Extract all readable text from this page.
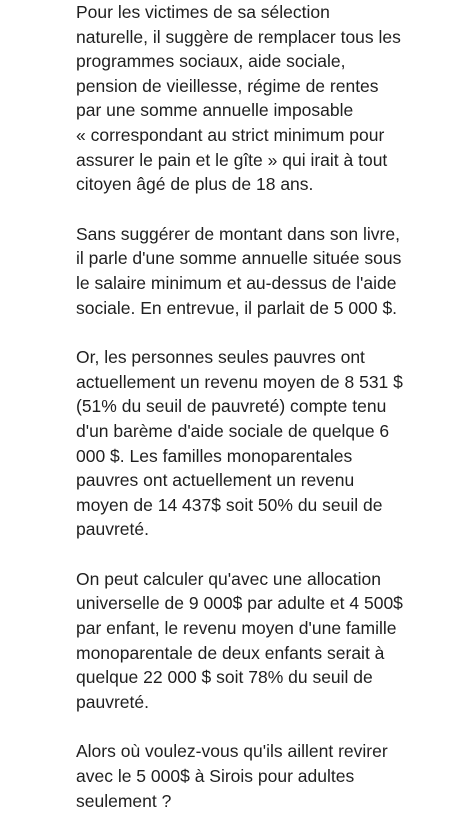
Pour les victimes de sa sélection
naturelle, il suggère de remplacer tous les
programmes sociaux, aide sociale,
pension de vieillesse, régime de rentes
par une somme annuelle imposable
« correspondant au strict minimum pour
assurer le pain et le gîte » qui irait à tout
citoyen âgé de plus de 18 ans.

Sans suggérer de montant dans son livre,
il parle d'une somme annuelle située sous
le salaire minimum et au-dessus de l'aide
sociale. En entrevue, il parlait de 5 000 $.

Or, les personnes seules pauvres ont
actuellement un revenu moyen de 8 531 $
(51% du seuil de pauvreté) compte tenu
d'un barème d'aide sociale de quelque 6
000 $. Les familles monoparentales
pauvres ont actuellement un revenu
moyen de 14 437$ soit 50% du seuil de
pauvreté.

On peut calculer qu'avec une allocation
universelle de 9 000$ par adulte et 4 500$
par enfant, le revenu moyen d'une famille
monoparentale de deux enfants serait à
quelque 22 000 $ soit 78% du seuil de
pauvreté.

Alors où voulez-vous qu'ils aillent revirer
avec le 5 000$ à Sirois pour adultes
seulement ?
